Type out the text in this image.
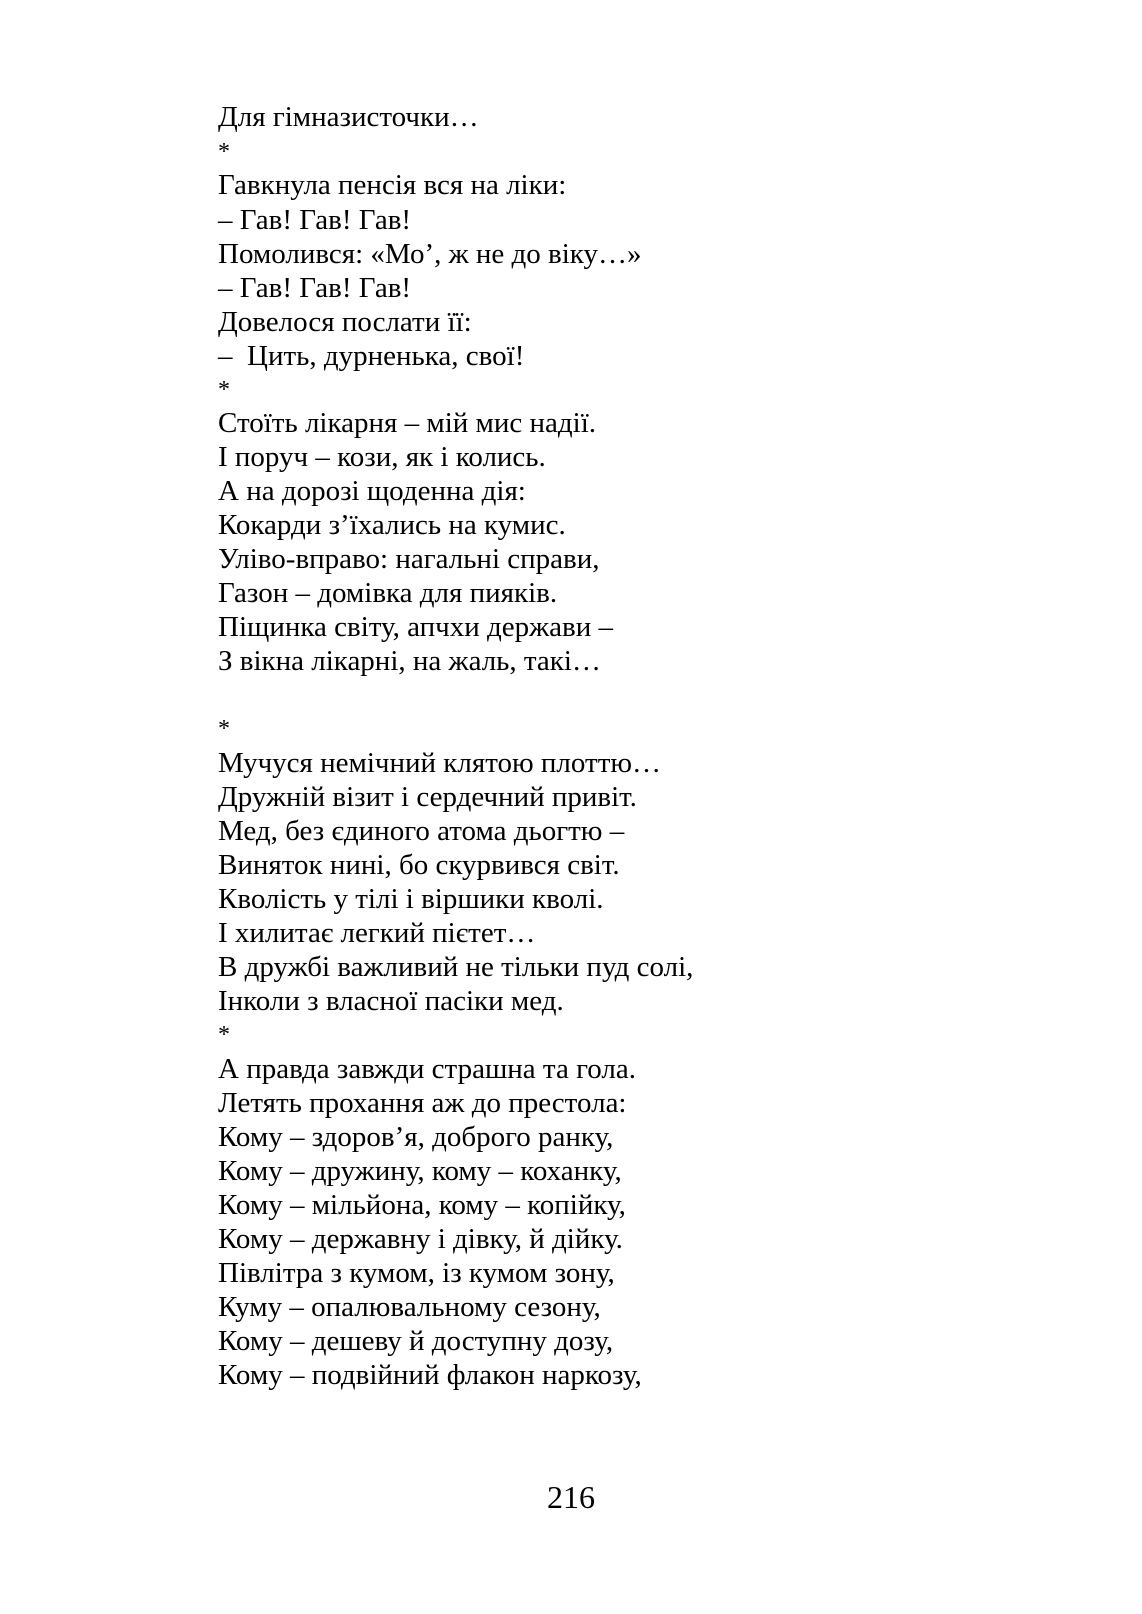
Для гімназисточки…
*
Гавкнула пенсія вся на ліки:
– Гав! Гав! Гав!
Помолився: «Мо’, ж не до віку…»
– Гав! Гав! Гав!
Довелося послати її:
–  Цить, дурненька, свої!
*
Стоїть лікарня – мій мис надії.
І поруч – кози, як і колись.
А на дорозі щоденна дія:
Кокарди з’їхались на кумис.
Уліво-вправо: нагальні справи,
Газон – домівка для пияків.
Піщинка світу, апчхи держави –
З вікна лікарні, на жаль, такі…
*
Мучуся немічний клятою плоттю…
Дружній візит і сердечний привіт.
Мед, без єдиного атома дьогтю –
Виняток нині, бо скурвився світ.
Кволість у тілі і віршики кволі.
І хилитає легкий пієтет…
В дружбі важливий не тільки пуд солі,
Інколи з власної пасіки мед.
*
А правда завжди страшна та гола.
Летять прохання аж до престола:
Кому – здоров’я, доброго ранку,
Кому – дружину, кому – коханку,
Кому – мільйона, кому – копійку,
Кому – державну і дівку, й дійку.
Півлітра з кумом, із кумом зону,
Куму – опалювальному сезону,
Кому – дешеву й доступну дозу,
Кому – подвійний флакон наркозу,
216
